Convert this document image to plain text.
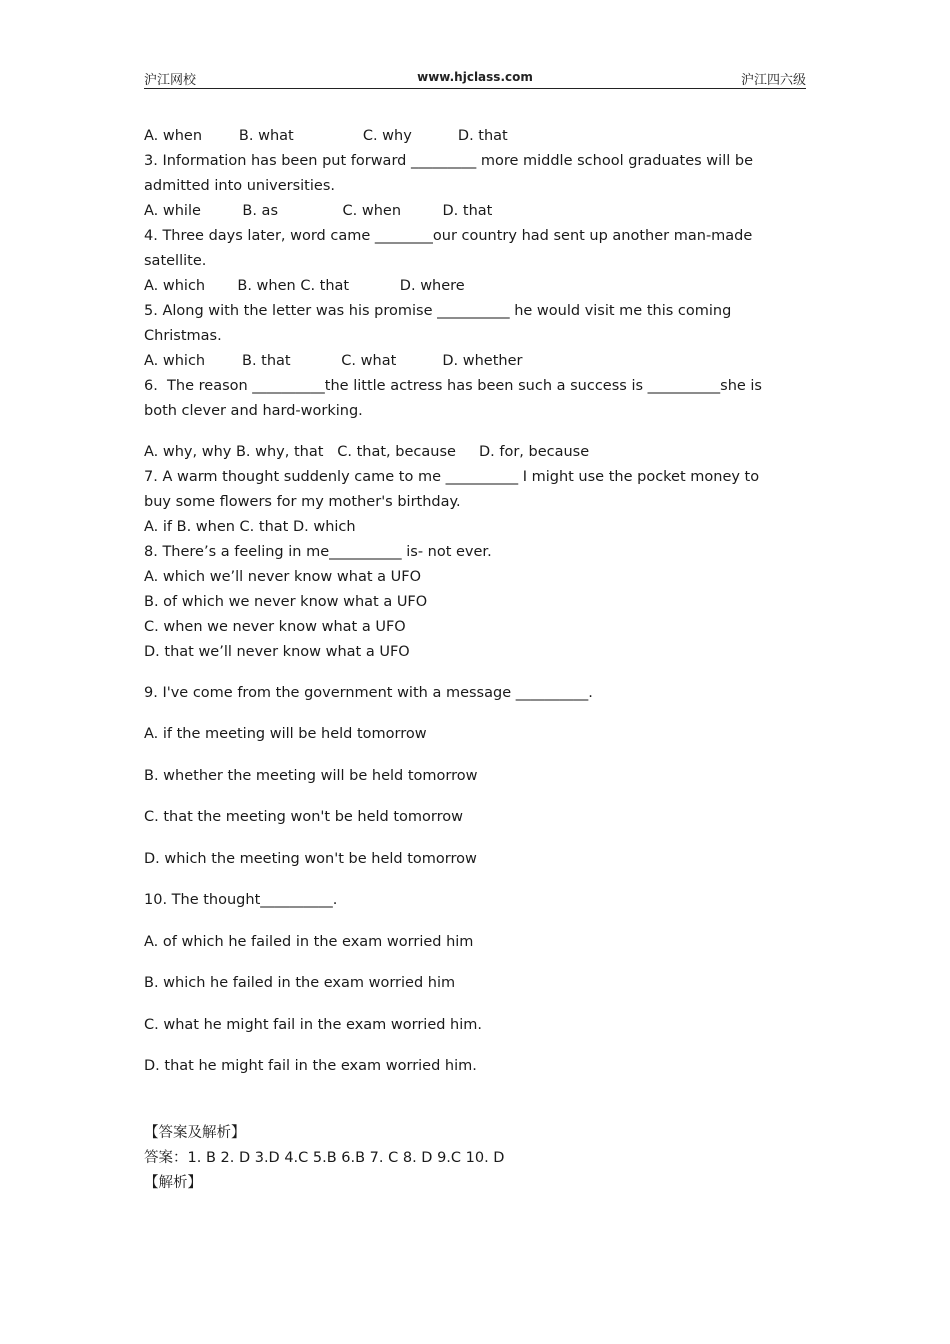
沪江网校	www.hjclass.com	沪江四六级
A. when        B. what               C. why          D. that
3. Information has been put forward _________ more middle school graduates will be
admitted into universities.
A. while         B. as              C. when         D. that
4. Three days later, word came ________our country had sent up another man-made
satellite.
A. which       B. when C. that           D. where
5. Along with the letter was his promise __________ he would visit me this coming
Christmas.
A. which        B. that           C. what          D. whether
6.  The reason __________the little actress has been such a success is __________she is
both clever and hard-working.
A. why, why B. why, that   C. that, because     D. for, because
7. A warm thought suddenly came to me __________ I might use the pocket money to
buy some flowers for my mother's birthday.
A. if B. when C. that D. which
8. There’s a feeling in me__________ is- not ever.
A. which we’ll never know what a UFO
B. of which we never know what a UFO
C. when we never know what a UFO
D. that we’ll never know what a UFO
9. I've come from the government with a message __________.
A. if the meeting will be held tomorrow
B. whether the meeting will be held tomorrow
C. that the meeting won't be held tomorrow
D. which the meeting won't be held tomorrow
10. The thought__________.
A. of which he failed in the exam worried him
B. which he failed in the exam worried him
C. what he might fail in the exam worried him.
D. that he might fail in the exam worried him.
【答案及解析】
答案：1. B 2. D 3.D 4.C 5.B 6.B 7. C 8. D 9.C 10. D
【解析】
